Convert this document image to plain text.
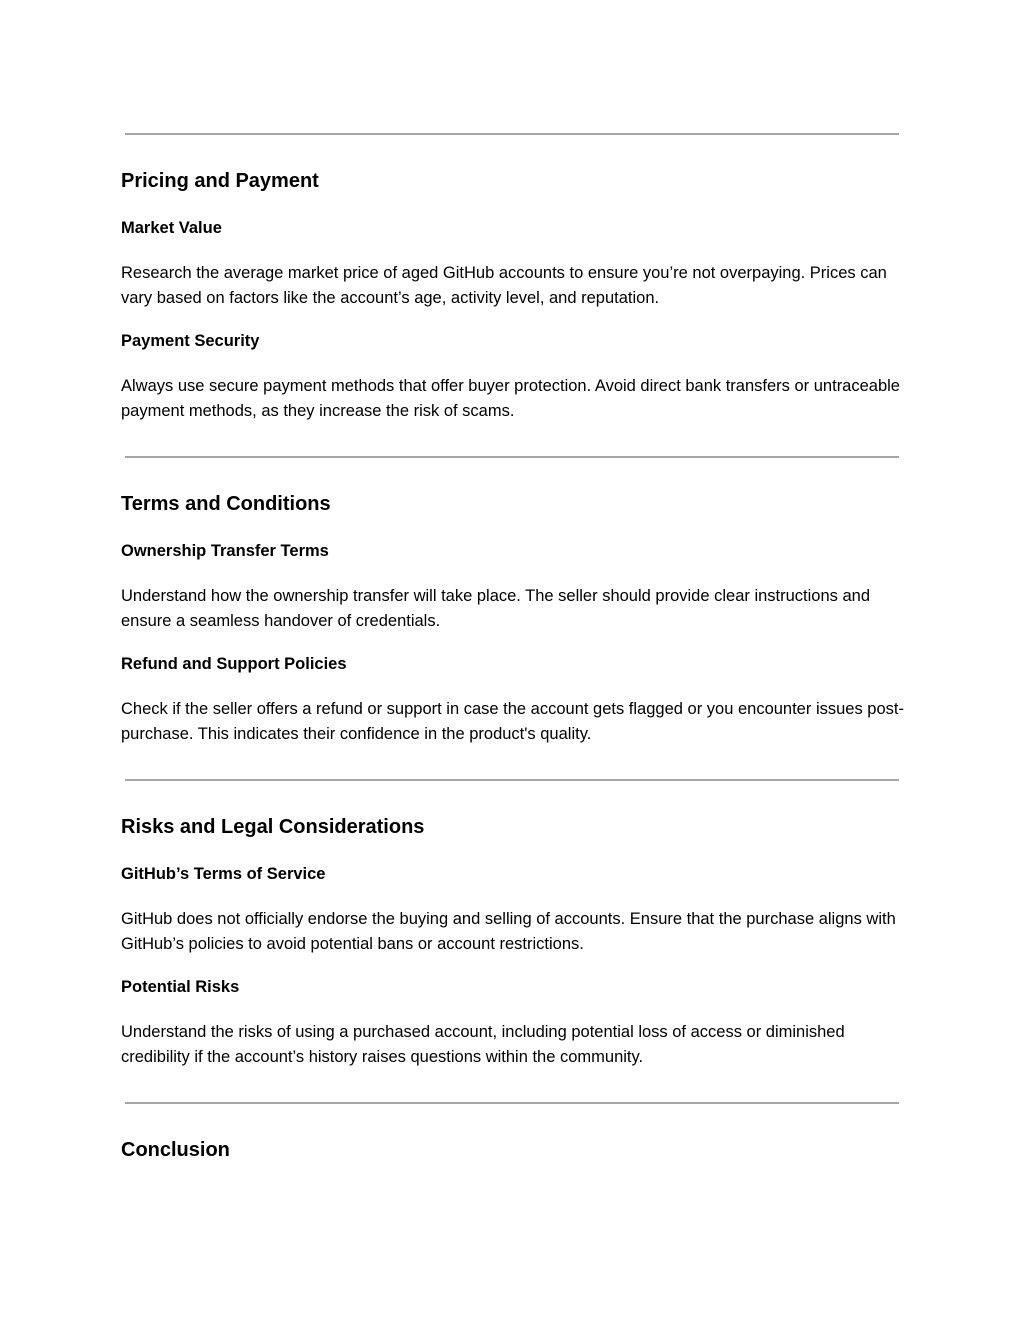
Pricing and Payment
Market Value

Research the average market price of aged GitHub accounts to ensure you’re not overpaying. Prices can vary based on factors like the account’s age, activity level, and reputation.

Payment Security

Always use secure payment methods that offer buyer protection. Avoid direct bank transfers or untraceable payment methods, as they increase the risk of scams.

Terms and Conditions
Ownership Transfer Terms

Understand how the ownership transfer will take place. The seller should provide clear instructions and ensure a seamless handover of credentials.

Refund and Support Policies

Check if the seller offers a refund or support in case the account gets flagged or you encounter issues post-purchase. This indicates their confidence in the product's quality.

Risks and Legal Considerations
GitHub’s Terms of Service

GitHub does not officially endorse the buying and selling of accounts. Ensure that the purchase aligns with GitHub’s policies to avoid potential bans or account restrictions.

Potential Risks

Understand the risks of using a purchased account, including potential loss of access or diminished credibility if the account’s history raises questions within the community.

Conclusion
